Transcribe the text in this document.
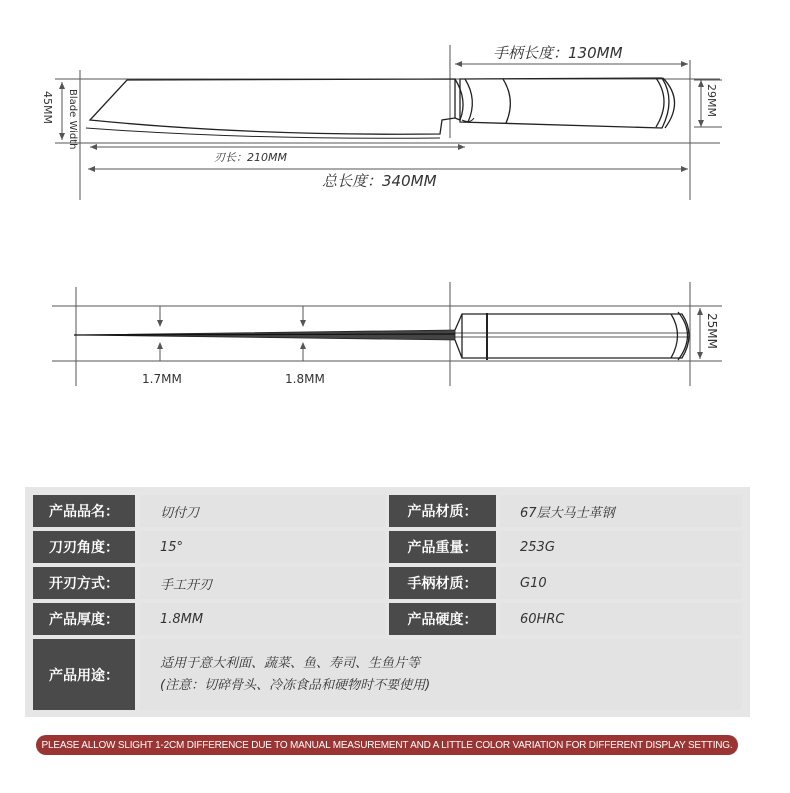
手柄长度：130MM
29MM
Blade Width
45MM
刃长：210MM
总长度：340MM
1.7MM	1.8MM
25MM
产品品名：	切付刀	产品材质：	67层大马士革钢
刀刃角度：	15°	产品重量：	253G
开刃方式：	手工开刃	手柄材质：	G10
产品厚度：	1.8MM	产品硬度：	60HRC
产品用途：
适用于意大利面、蔬菜、鱼、寿司、生鱼片等
(注意：切碎骨头、冷冻食品和硬物时不要使用)
PLEASE ALLOW SLIGHT 1-2CM DIFFERENCE DUE TO MANUAL MEASUREMENT AND A LITTLE COLOR VARIATION FOR DIFFERENT DISPLAY SETTING.
